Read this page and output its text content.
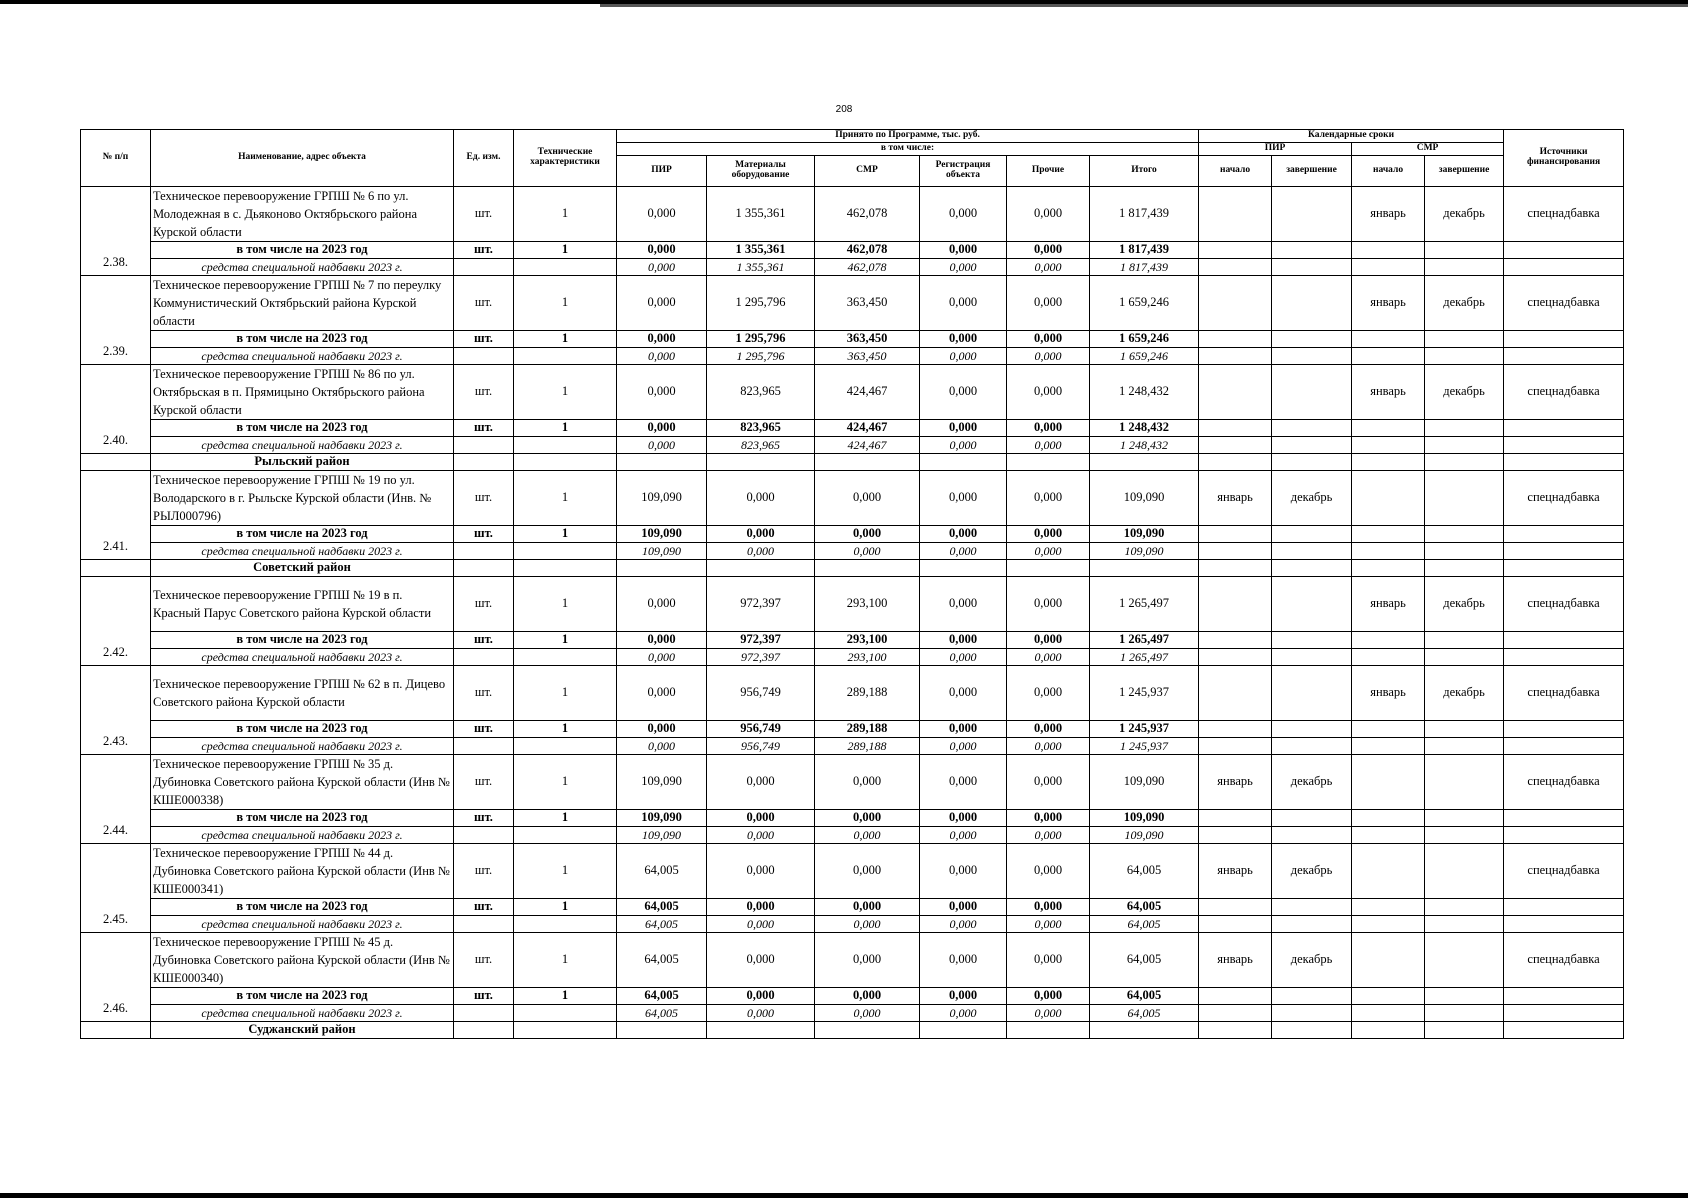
208
№ п/п	Наименование, адрес объекта	Ед. изм.	Технические характеристики	Принято по Программе, тыс. руб.						Календарные сроки				Источники финансирования
				в том числе:						ПИР		СМР		
				ПИР	Материалы оборудование	СМР	Регистрация объекта	Прочие	Итого	начало	завершение	начало	завершение	
2.38.	Техническое перевооружение ГРПШ № 6 по ул. Молодежная в с. Дьяконово Октябрьского района Курской области	шт.	1	0,000	1 355,361	462,078	0,000	0,000	1 817,439			январь	декабрь	спецнадбавка
	в том числе на 2023 год	шт.	1	0,000	1 355,361	462,078	0,000	0,000	1 817,439					
	средства специальной надбавки 2023 г.			0,000	1 355,361	462,078	0,000	0,000	1 817,439					
2.39.	Техническое перевооружение ГРПШ № 7 по переулку Коммунистический Октябрьский района Курской области	шт.	1	0,000	1 295,796	363,450	0,000	0,000	1 659,246			январь	декабрь	спецнадбавка
	в том числе на 2023 год	шт.	1	0,000	1 295,796	363,450	0,000	0,000	1 659,246					
	средства специальной надбавки 2023 г.			0,000	1 295,796	363,450	0,000	0,000	1 659,246					
2.40.	Техническое перевооружение ГРПШ № 86 по ул. Октябрьская в п. Прямицыно Октябрьского района Курской области	шт.	1	0,000	823,965	424,467	0,000	0,000	1 248,432			январь	декабрь	спецнадбавка
	в том числе на 2023 год	шт.	1	0,000	823,965	424,467	0,000	0,000	1 248,432					
	средства специальной надбавки 2023 г.			0,000	823,965	424,467	0,000	0,000	1 248,432					
	Рыльский район													
2.41.	Техническое перевооружение ГРПШ № 19 по ул. Володарского в г. Рыльске Курской области (Инв. № РЫЛ000796)	шт.	1	109,090	0,000	0,000	0,000	0,000	109,090	январь	декабрь			спецнадбавка
	в том числе на 2023 год	шт.	1	109,090	0,000	0,000	0,000	0,000	109,090					
	средства специальной надбавки 2023 г.			109,090	0,000	0,000	0,000	0,000	109,090					
	Советский район													
2.42.	Техническое перевооружение ГРПШ № 19 в п. Красный Парус Советского района Курской области	шт.	1	0,000	972,397	293,100	0,000	0,000	1 265,497			январь	декабрь	спецнадбавка
	в том числе на 2023 год	шт.	1	0,000	972,397	293,100	0,000	0,000	1 265,497					
	средства специальной надбавки 2023 г.			0,000	972,397	293,100	0,000	0,000	1 265,497					
2.43.	Техническое перевооружение ГРПШ № 62 в п. Дицево Советского района Курской области	шт.	1	0,000	956,749	289,188	0,000	0,000	1 245,937			январь	декабрь	спецнадбавка
	в том числе на 2023 год	шт.	1	0,000	956,749	289,188	0,000	0,000	1 245,937					
	средства специальной надбавки 2023 г.			0,000	956,749	289,188	0,000	0,000	1 245,937					
2.44.	Техническое перевооружение ГРПШ № 35 д. Дубиновка Советского района Курской области (Инв № КШЕ000338)	шт.	1	109,090	0,000	0,000	0,000	0,000	109,090	январь	декабрь			спецнадбавка
	в том числе на 2023 год	шт.	1	109,090	0,000	0,000	0,000	0,000	109,090					
	средства специальной надбавки 2023 г.			109,090	0,000	0,000	0,000	0,000	109,090					
2.45.	Техническое перевооружение ГРПШ № 44 д. Дубиновка Советского района Курской области (Инв № КШЕ000341)	шт.	1	64,005	0,000	0,000	0,000	0,000	64,005	январь	декабрь			спецнадбавка
	в том числе на 2023 год	шт.	1	64,005	0,000	0,000	0,000	0,000	64,005					
	средства специальной надбавки 2023 г.			64,005	0,000	0,000	0,000	0,000	64,005					
2.46.	Техническое перевооружение ГРПШ № 45 д. Дубиновка Советского района Курской области (Инв № КШЕ000340)	шт.	1	64,005	0,000	0,000	0,000	0,000	64,005	январь	декабрь			спецнадбавка
	в том числе на 2023 год	шт.	1	64,005	0,000	0,000	0,000	0,000	64,005					
	средства специальной надбавки 2023 г.			64,005	0,000	0,000	0,000	0,000	64,005					
	Суджанский район													
